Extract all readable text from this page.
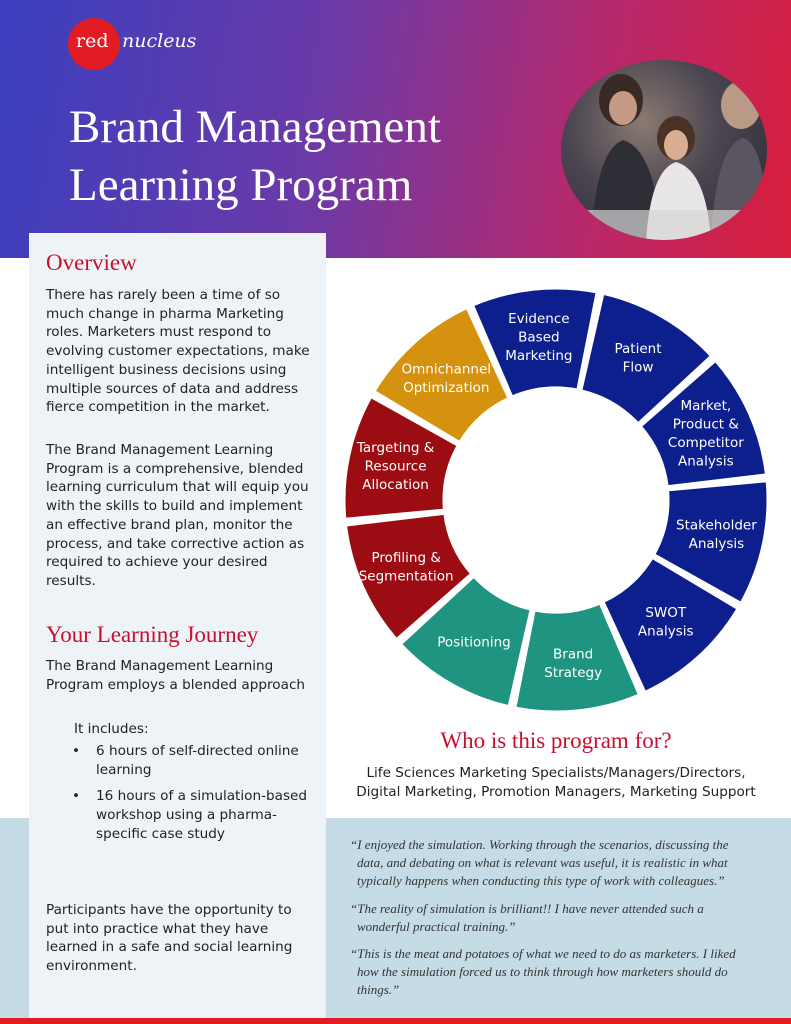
red nucleus
Brand Management
Learning Program
Overview

There has rarely been a time of so much change in pharma Marketing roles. Marketers must respond to evolving customer expectations, make intelligent business decisions using multiple sources of data and address fierce competition in the market.

The Brand Management Learning Program is a comprehensive, blended learning curriculum that will equip you with the skills to build and implement an effective brand plan, monitor the process, and take corrective action as required to achieve your desired results.

Your Learning Journey

The Brand Management Learning Program employs a blended approach

It includes:

• 6 hours of self-directed online learning
• 16 hours of a simulation-based workshop using a pharma-specific case study

Participants have the opportunity to put into practice what they have learned in a safe and social learning environment.

Evidence Based Marketing	Patient Flow
Market, Product & Competitor Analysis
Stakeholder Analysis
SWOT Analysis
Brand Strategy
Positioning
Profiling & Segmentation
Targeting & Resource Allocation
Omnichannel Optimization
Who is this program for?

Life Sciences Marketing Specialists/Managers/Directors,
Digital Marketing, Promotion Managers, Marketing Support

“I enjoyed the simulation. Working through the scenarios, discussing the data, and debating on what is relevant was useful, it is realistic in what typically happens when conducting this type of work with colleagues.”

“The reality of simulation is brilliant!! I have never attended such a wonderful practical training.”

“This is the meat and potatoes of what we need to do as marketers. I liked how the simulation forced us to think through how marketers should do things.”
